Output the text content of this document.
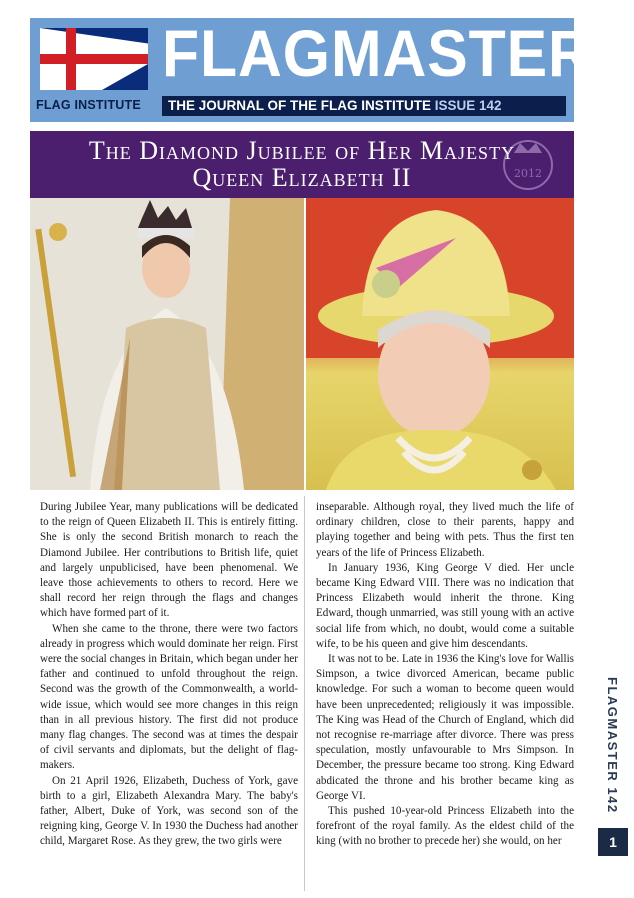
FLAG INSTITUTE
FLAGMASTER
THE JOURNAL OF THE FLAG INSTITUTE ISSUE 142
2012
The Diamond Jubilee of Her Majesty
Queen Elizabeth II

During Jubilee Year, many publications will be dedicated to the reign of Queen Elizabeth II. This is entirely fitting. She is only the second British monarch to reach the Diamond Jubilee. Her contributions to British life, quiet and largely unpublicised, have been phenomenal. We leave those achievements to others to record. Here we shall record her reign through the flags and changes which have formed part of it.

When she came to the throne, there were two factors already in progress which would dominate her reign. First were the social changes in Britain, which began under her father and continued to unfold throughout the reign. Second was the growth of the Commonwealth, a world-wide issue, which would see more changes in this reign than in all previous history. The first did not produce many flag changes. The second was at times the despair of civil servants and diplomats, but the delight of flag-makers.

On 21 April 1926, Elizabeth, Duchess of York, gave birth to a girl, Elizabeth Alexandra Mary. The baby's father, Albert, Duke of York, was second son of the reigning king, George V. In 1930 the Duchess had another child, Margaret Rose. As they grew, the two girls were

inseparable. Although royal, they lived much the life of ordinary children, close to their parents, happy and playing together and being with pets. Thus the first ten years of the life of Princess Elizabeth.

In January 1936, King George V died. Her uncle became King Edward VIII. There was no indication that Princess Elizabeth would inherit the throne. King Edward, though unmarried, was still young with an active social life from which, no doubt, would come a suitable wife, to be his queen and give him descendants.

It was not to be. Late in 1936 the King's love for Wallis Simpson, a twice divorced American, became public knowledge. For such a woman to become queen would have been unprecedented; religiously it was impossible. The King was Head of the Church of England, which did not recognise re-marriage after divorce. There was press speculation, mostly unfavourable to Mrs Simpson. In December, the pressure became too strong. King Edward abdicated the throne and his brother became king as George VI.

This pushed 10-year-old Princess Elizabeth into the forefront of the royal family. As the eldest child of the king (with no brother to precede her) she would, on her

FLAGMASTER 142
1
